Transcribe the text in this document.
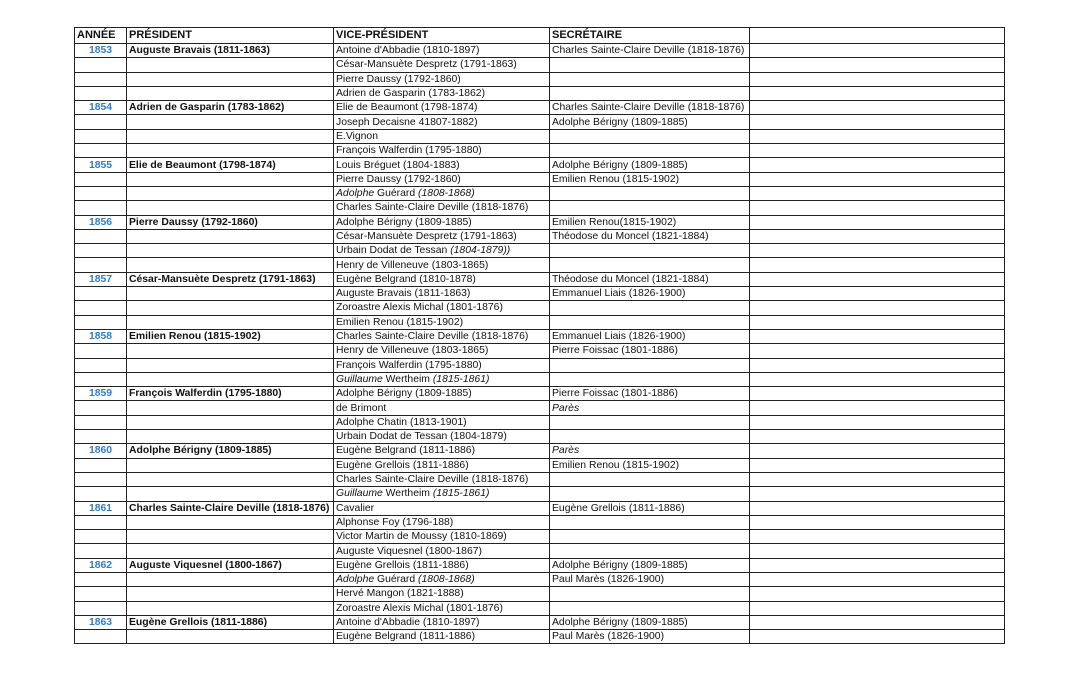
ANNÉE	PRÉSIDENT	VICE-PRÉSIDENT	SECRÉTAIRE	
1853	Auguste Bravais (1811-1863)	Antoine d'Abbadie (1810-1897)	Charles Sainte-Claire Deville (1818-1876)	
		César-Mansuète Despretz (1791-1863)		
		Pierre Daussy (1792-1860)		
		Adrien de Gasparin (1783-1862)		
1854	Adrien de Gasparin (1783-1862)	Elie de Beaumont (1798-1874)	Charles Sainte-Claire Deville (1818-1876)	
		Joseph Decaisne 41807-1882)	Adolphe Bérigny (1809-1885)	
		E.Vignon		
		François Walferdin (1795-1880)		
1855	Elie de Beaumont (1798-1874)	Louis Bréguet (1804-1883)	Adolphe Bérigny (1809-1885)	
		Pierre Daussy (1792-1860)	Emilien Renou (1815-1902)	
		Adolphe Guérard (1808-1868)		
		Charles Sainte-Claire Deville (1818-1876)		
1856	Pierre Daussy (1792-1860)	Adolphe Bérigny (1809-1885)	Emilien Renou(1815-1902)	
		César-Mansuète Despretz (1791-1863)	Théodose du Moncel (1821-1884)	
		Urbain Dodat de Tessan (1804-1879))		
		Henry de Villeneuve (1803-1865)		
1857	César-Mansuète Despretz (1791-1863)	Eugène Belgrand (1810-1878)	Théodose du Moncel (1821-1884)	
		Auguste Bravais (1811-1863)	Emmanuel Liais (1826-1900)	
		Zoroastre Alexis Michal (1801-1876)		
		Emilien Renou (1815-1902)		
1858	Emilien Renou (1815-1902)	Charles Sainte-Claire Deville (1818-1876)	Emmanuel Liais (1826-1900)	
		Henry de Villeneuve (1803-1865)	Pierre Foissac (1801-1886)	
		François Walferdin (1795-1880)		
		Guillaume Wertheim (1815-1861)		
1859	François Walferdin (1795-1880)	Adolphe Bérigny (1809-1885)	Pierre Foissac (1801-1886)	
		de Brimont	Parès	
		Adolphe Chatin (1813-1901)		
		Urbain Dodat de Tessan (1804-1879)		
1860	Adolphe Bérigny (1809-1885)	Eugène Belgrand (1811-1886)	Parès	
		Eugène Grellois (1811-1886)	Emilien Renou (1815-1902)	
		Charles Sainte-Claire Deville (1818-1876)		
		Guillaume Wertheim (1815-1861)		
1861	Charles Sainte-Claire Deville (1818-1876)	Cavalier	Eugène Grellois (1811-1886)	
		Alphonse Foy (1796-188)		
		Victor Martin de Moussy (1810-1869)		
		Auguste Viquesnel (1800-1867)		
1862	Auguste Viquesnel (1800-1867)	Eugène Grellois (1811-1886)	Adolphe Bérigny (1809-1885)	
		Adolphe Guérard (1808-1868)	Paul Marès (1826-1900)	
		Hervé Mangon (1821-1888)		
		Zoroastre Alexis Michal (1801-1876)		
1863	Eugène Grellois (1811-1886)	Antoine d'Abbadie (1810-1897)	Adolphe Bérigny (1809-1885)	
		Eugène Belgrand (1811-1886)	Paul Marès (1826-1900)	
